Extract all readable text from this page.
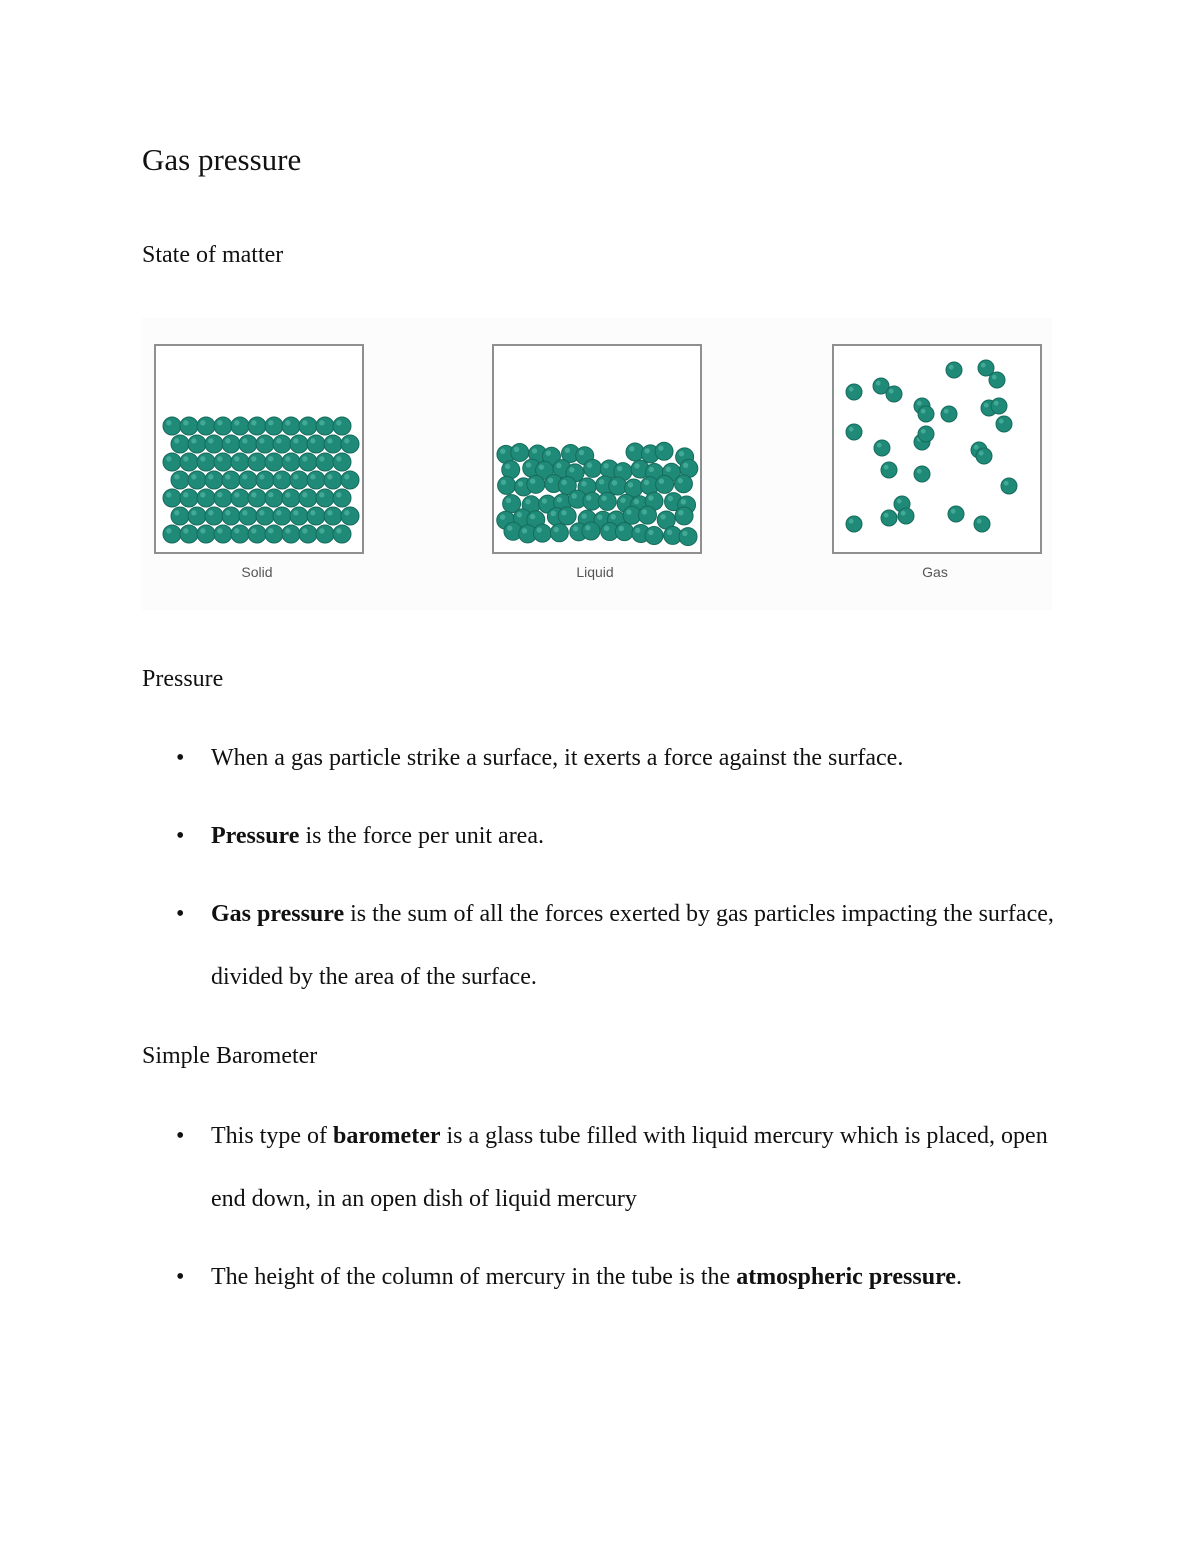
Gas pressure
State of matter
Solid	Liquid	Gas
Pressure
• When a gas particle strike a surface, it exerts a force against the surface.
• Pressure is the force per unit area.
• Gas pressure is the sum of all the forces exerted by gas particles impacting the surface, divided by the area of the surface.
Simple Barometer
• This type of barometer is a glass tube filled with liquid mercury which is placed, open end down, in an open dish of liquid mercury
• The height of the column of mercury in the tube is the atmospheric pressure.
